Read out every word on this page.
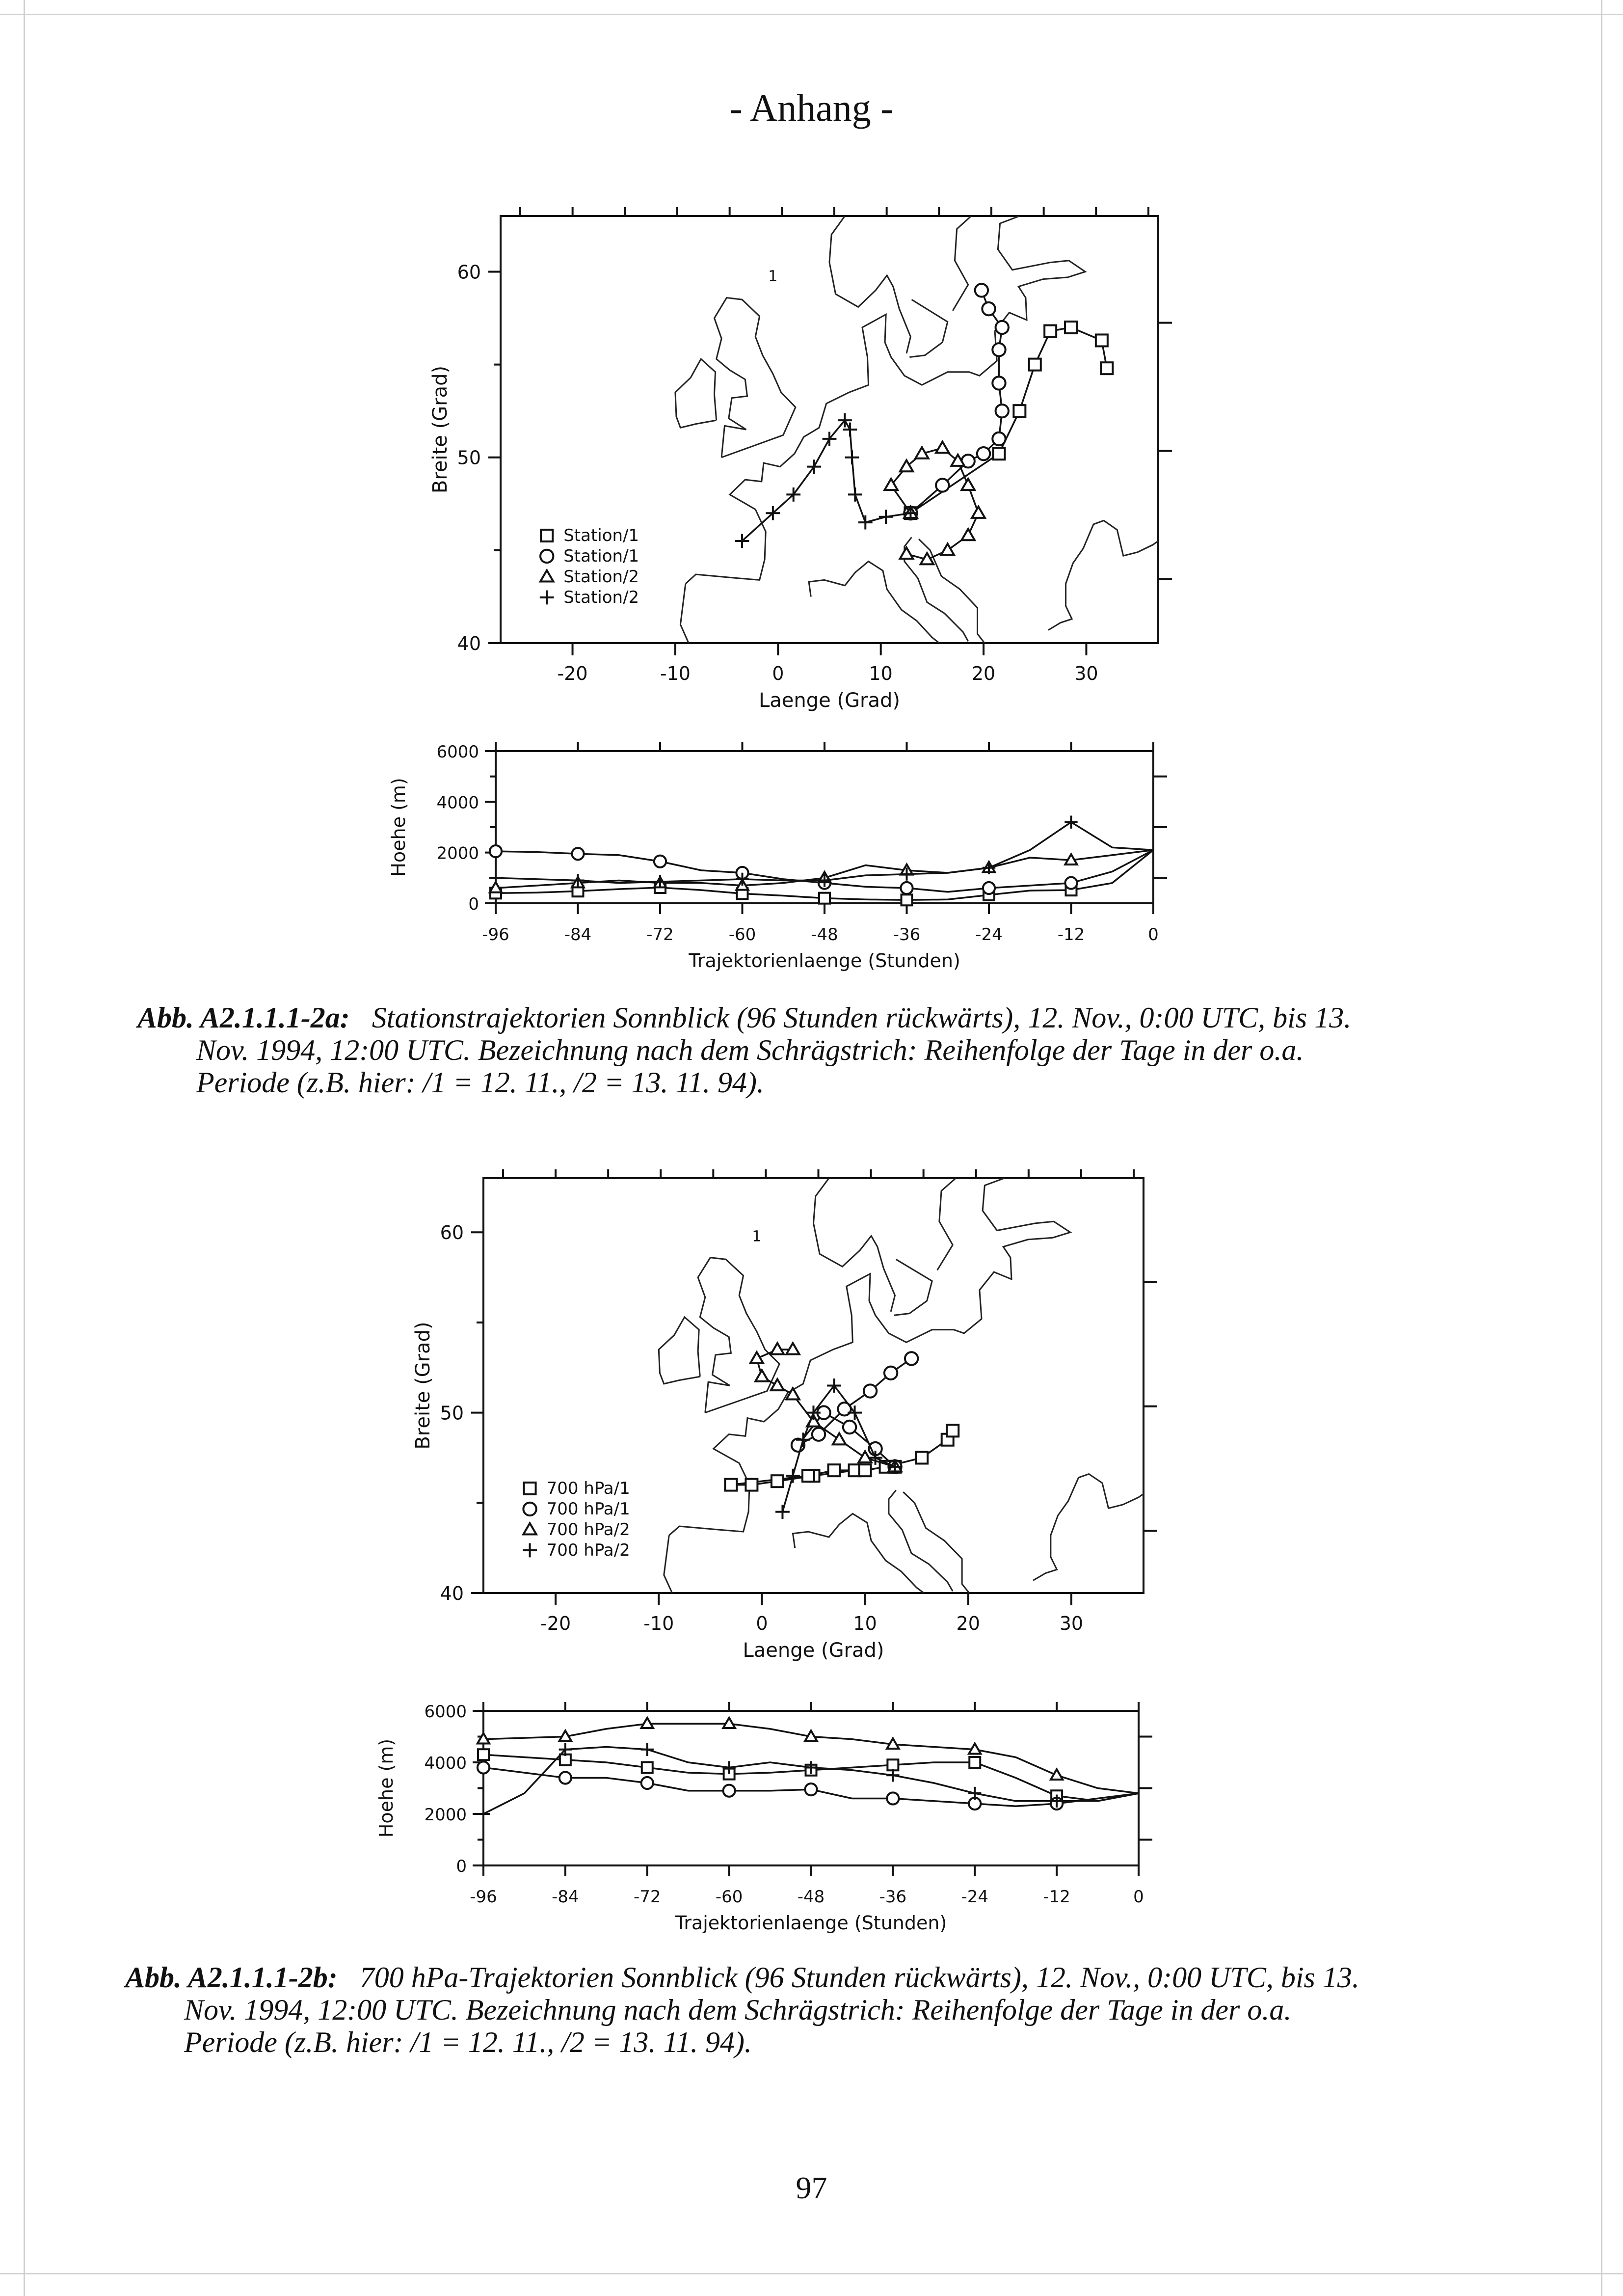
- Anhang -
60
50
40
-20	-10	0	10	20	30
Laenge (Grad)
Breite (Grad)
1
Station/1
Station/1
Station/2
Station/2
6000
4000
2000
0
-96	-84	-72	-60	-48	-36	-24	-12	0
Trajektorienlaenge (Stunden)
Hoehe (m)
60
50
40
-20	-10	0	10	20	30
Laenge (Grad)
Breite (Grad)
1
700 hPa/1
700 hPa/1
700 hPa/2
700 hPa/2
6000
4000
2000
0
-96	-84	-72	-60	-48	-36	-24	-12	0
Trajektorienlaenge (Stunden)
Hoehe (m)
Abb. A2.1.1.1-2a: Stationstrajektorien Sonnblick (96 Stunden rückwärts), 12. Nov., 0:00 UTC, bis 13.
Nov. 1994, 12:00 UTC. Bezeichnung nach dem Schrägstrich: Reihenfolge der Tage in der o.a.
Periode (z.B. hier: /1 = 12. 11., /2 = 13. 11. 94).
Abb. A2.1.1.1-2b: 700 hPa-Trajektorien Sonnblick (96 Stunden rückwärts), 12. Nov., 0:00 UTC, bis 13.
Nov. 1994, 12:00 UTC. Bezeichnung nach dem Schrägstrich: Reihenfolge der Tage in der o.a.
Periode (z.B. hier: /1 = 12. 11., /2 = 13. 11. 94).
97
